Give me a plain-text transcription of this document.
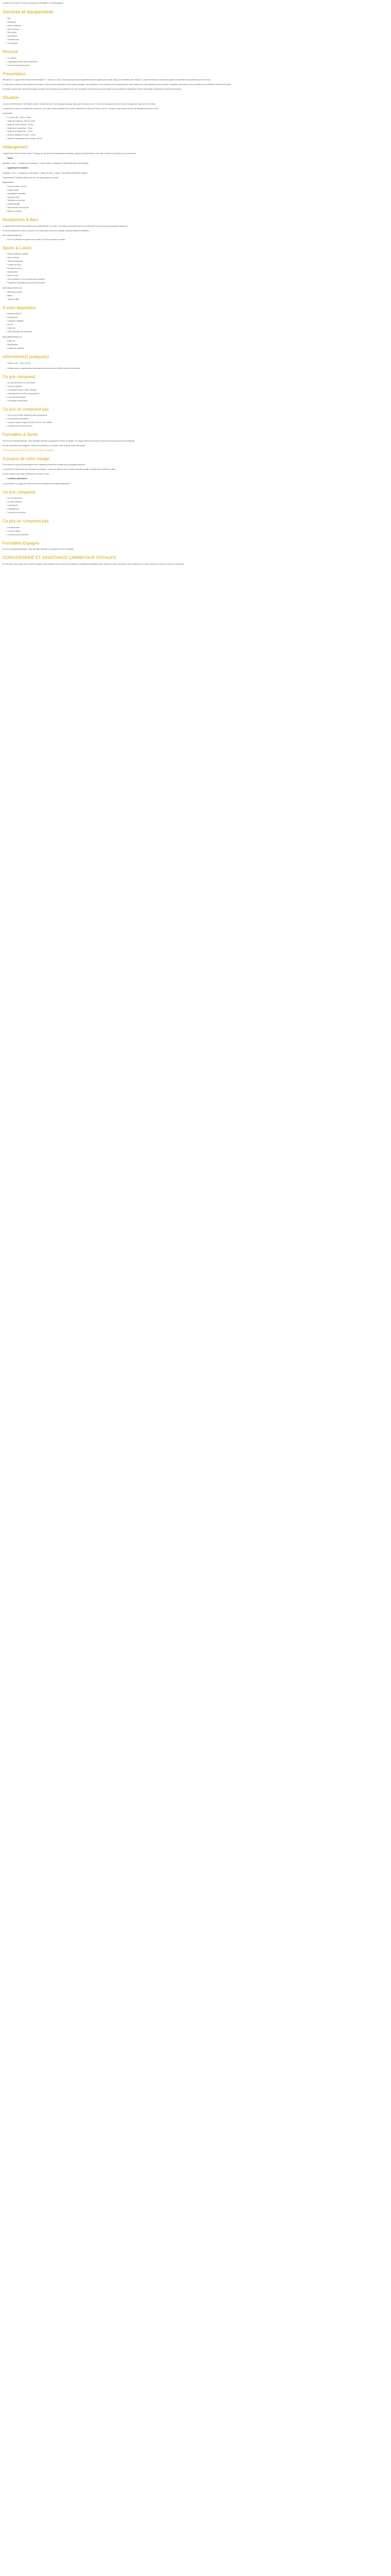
Croisière tout compris 10 nuits au compris pour Formalités & Cinématographie

Services et équipements
• Wifi
• Restaurant
• Piscine extérieure
• Salle de fitness
• Club enfant
• Discothèque
• Divertissement
• Conciergerie
Résumé
• Le croisière
• L'appartement placé pour les pêcheurs
• Le tout compris (pack inclus)
Présentation

Bienvenue à « L'Appart'Hotel Passion Rivieira-Mairie 3* ». Situé à la Ciotat, nous vous proposons nos appartements tout équipés pour la baie, idéal pour les familles avec enfants. Le cadre est idéal pour découvrir la région ou simplement vous détendre au bord de l'eau.

Un vrai havre de paix pour les amoureux de la nature, à deux pas des calanques et des criques sauvages. Vous profiterez de nos services et de nos équipements. Notre équipe est à votre disposition pour vous aider à organiser votre séjour et vous conseiller sur les activités à faire dans la région.

En famille ou entre amis, découvrez la région à travers nos excursions et nos sorties en mer. Nos conseillers seront heureux de vous orienter vers les meilleures adresses de la côte, entre plages, restaurants et marchés provençaux.

Situation

Ce qui se fait Rotterdam à l'île Rivieira-Ciotat. Il est situé au bord d'une calanque sauvage, idéal pour les sorties en mer. Le port est à quelques minutes à pied et la plage des Capucins à 500 mètres.

La résidence se trouve à proximité des commerces, de la gare et des principaux axes routiers. Marseille est à 35 km et Toulon à 40 km. L'aéroport le plus proche est celui de Marseille-Provence à 55 km.

A proximité :

• Le Centre-ville : 300 m, à pied
• Plage des Capucins : 500 m, à pied
• Plage de Cyrès Fontaine : 2,5 km
• Plage de la Grande Mer : 2,5 km
• Plage de la Grande Mer : 2,5 km
• Aéroport Marseille-Provence : 55 km
• Aéroport International Toulon-Hyères : 85 km
Hébergement

L'Appart'Hotel Passion Rivieira-Mairie 3* dispose de 125 studios et appartements climatisés, équipés d'une kitchenette, d'une salle de bains et d'un balcon ou d'une terrasse.

• Studio

Superficie : 20 m² · 1 espace (en mezzanine) : 1 salle de bains, 1 canapé-lit, 1 kitchenette entièrement équipée.

• Appartement 2 chambres

Superficie : 45 m² · 2 espaces (en mezzanine) : 2 salles de bains, 1 séjour, 1 kitchenette entièrement équipée.

L'appartement 2 chambres dispose de vue mer panoramique sur la baie.

Équipements :

• Accès au réseau internet
• Double vitrage
• Climatisation réversible
• Connexion Wifi
• Télévision à écran plat
• Cuisine équipée
• Salle de bains avec douche
• Balcon ou terrasse
Restaurants & Bars

Le restaurant de l'hôtel vous accueille pour le petit-déjeuner et le dîner. Une cuisine provençale à base de produits frais et locaux vous sera proposée chaque jour.

Le bar de la piscine est ouvert en journée et en soirée pour vous servir cocktails, boissons fraîches et collations.

Avec pack premium (2) :

• Pour une animation en journée et en soirée, et bar de la piscine en continu.
Sports & Loisirs
• Piscine extérieure chauffée
• Salle de fitness
• Terrain de pétanque
• Location de vélos
• Excursions en mer
• Randonnées
• Pêche en mer
• Club enfants de 4 à 12 ans (vacances scolaires)
• Programme d'animations en journée et en soirée

Avec pack premium (2) :

• Salle de jeux vidéo
• Billard
• Tennis de table
A votre disposition
• Réception 24h/24
• Parking privé
• Consigne à bagages
• Laverie
• Coffre-fort
• Prêt de lits bébé (sur demande)

Avec pack premium (2) :

• Coffre-fort
• Blanchisserie
• Location de véhicules
Information(s) pratique(s)
• Check-in 15h · Check-out 11h
• Certains studios / appartements sont adaptés aux personnes à mobilité réduite (sur demande).
Ce prix comprend
• Les vols aller/retour sur vols charter
• Les taxes aéroport
• Le transfert aéroport / hôtel / aéroport
• L'hébergement en studio ou appartement
• La formule tout compris
• Les activités mentionnées
Ce prix ne comprend pas
• Tout ce qui n'est pas mentionné dans le programme
• Les assurances facultatives
• La taxe de séjour à régler sur place (1,50 € / nuit / adulte)
• Les dépenses d'ordre personnel
Formalités & Santé

Pour les ressortissants français : carte nationale d'identité ou passeport en cours de validité. Les enfants mineurs doivent être munis de leurs propres documents d'identité.

Aucune vaccination n'est obligatoire. Nous vous conseillons de consulter votre médecin avant votre départ.

Plus d'informations sur le site du Ministère des Affaires étrangères

A propos de votre voyage

Les horaires de vols sont communiqués à titre indicatif et peuvent être modifiés par la compagnie aérienne.

Le premier et le dernier jour sont consacrés au transport. L'ordre des visites et des excursions peut être modifié en fonction des conditions locales.

La taxe de séjour est à régler directement sur place à l'hôtel.

• Conditions particulières

Le cas échéant, ce voyage peut être soumis à des conditions d'annulation particulières.

Ce prix comprend
• Les vols aller/retour
• Les taxes aéroport
• Les transferts
• L'hébergement
• La formule tout compris
Ce prix ne comprend pas
• Les assurances
• La taxe de séjour
• Les dépenses personnelles
Formalités Espagne

Pour les ressortissants français : carte nationale d'identité ou passeport en cours de validité.

CONCIERGERIE ET ASSISTANCE CARREFOUR VOYAGES

En réservant votre voyage chez Carrefour Voyages, vous bénéficiez d'un service de conciergerie et d'assistance disponible avant, pendant et après votre séjour. Nos conseillers sont à votre écoute pour répondre à toutes vos questions.
